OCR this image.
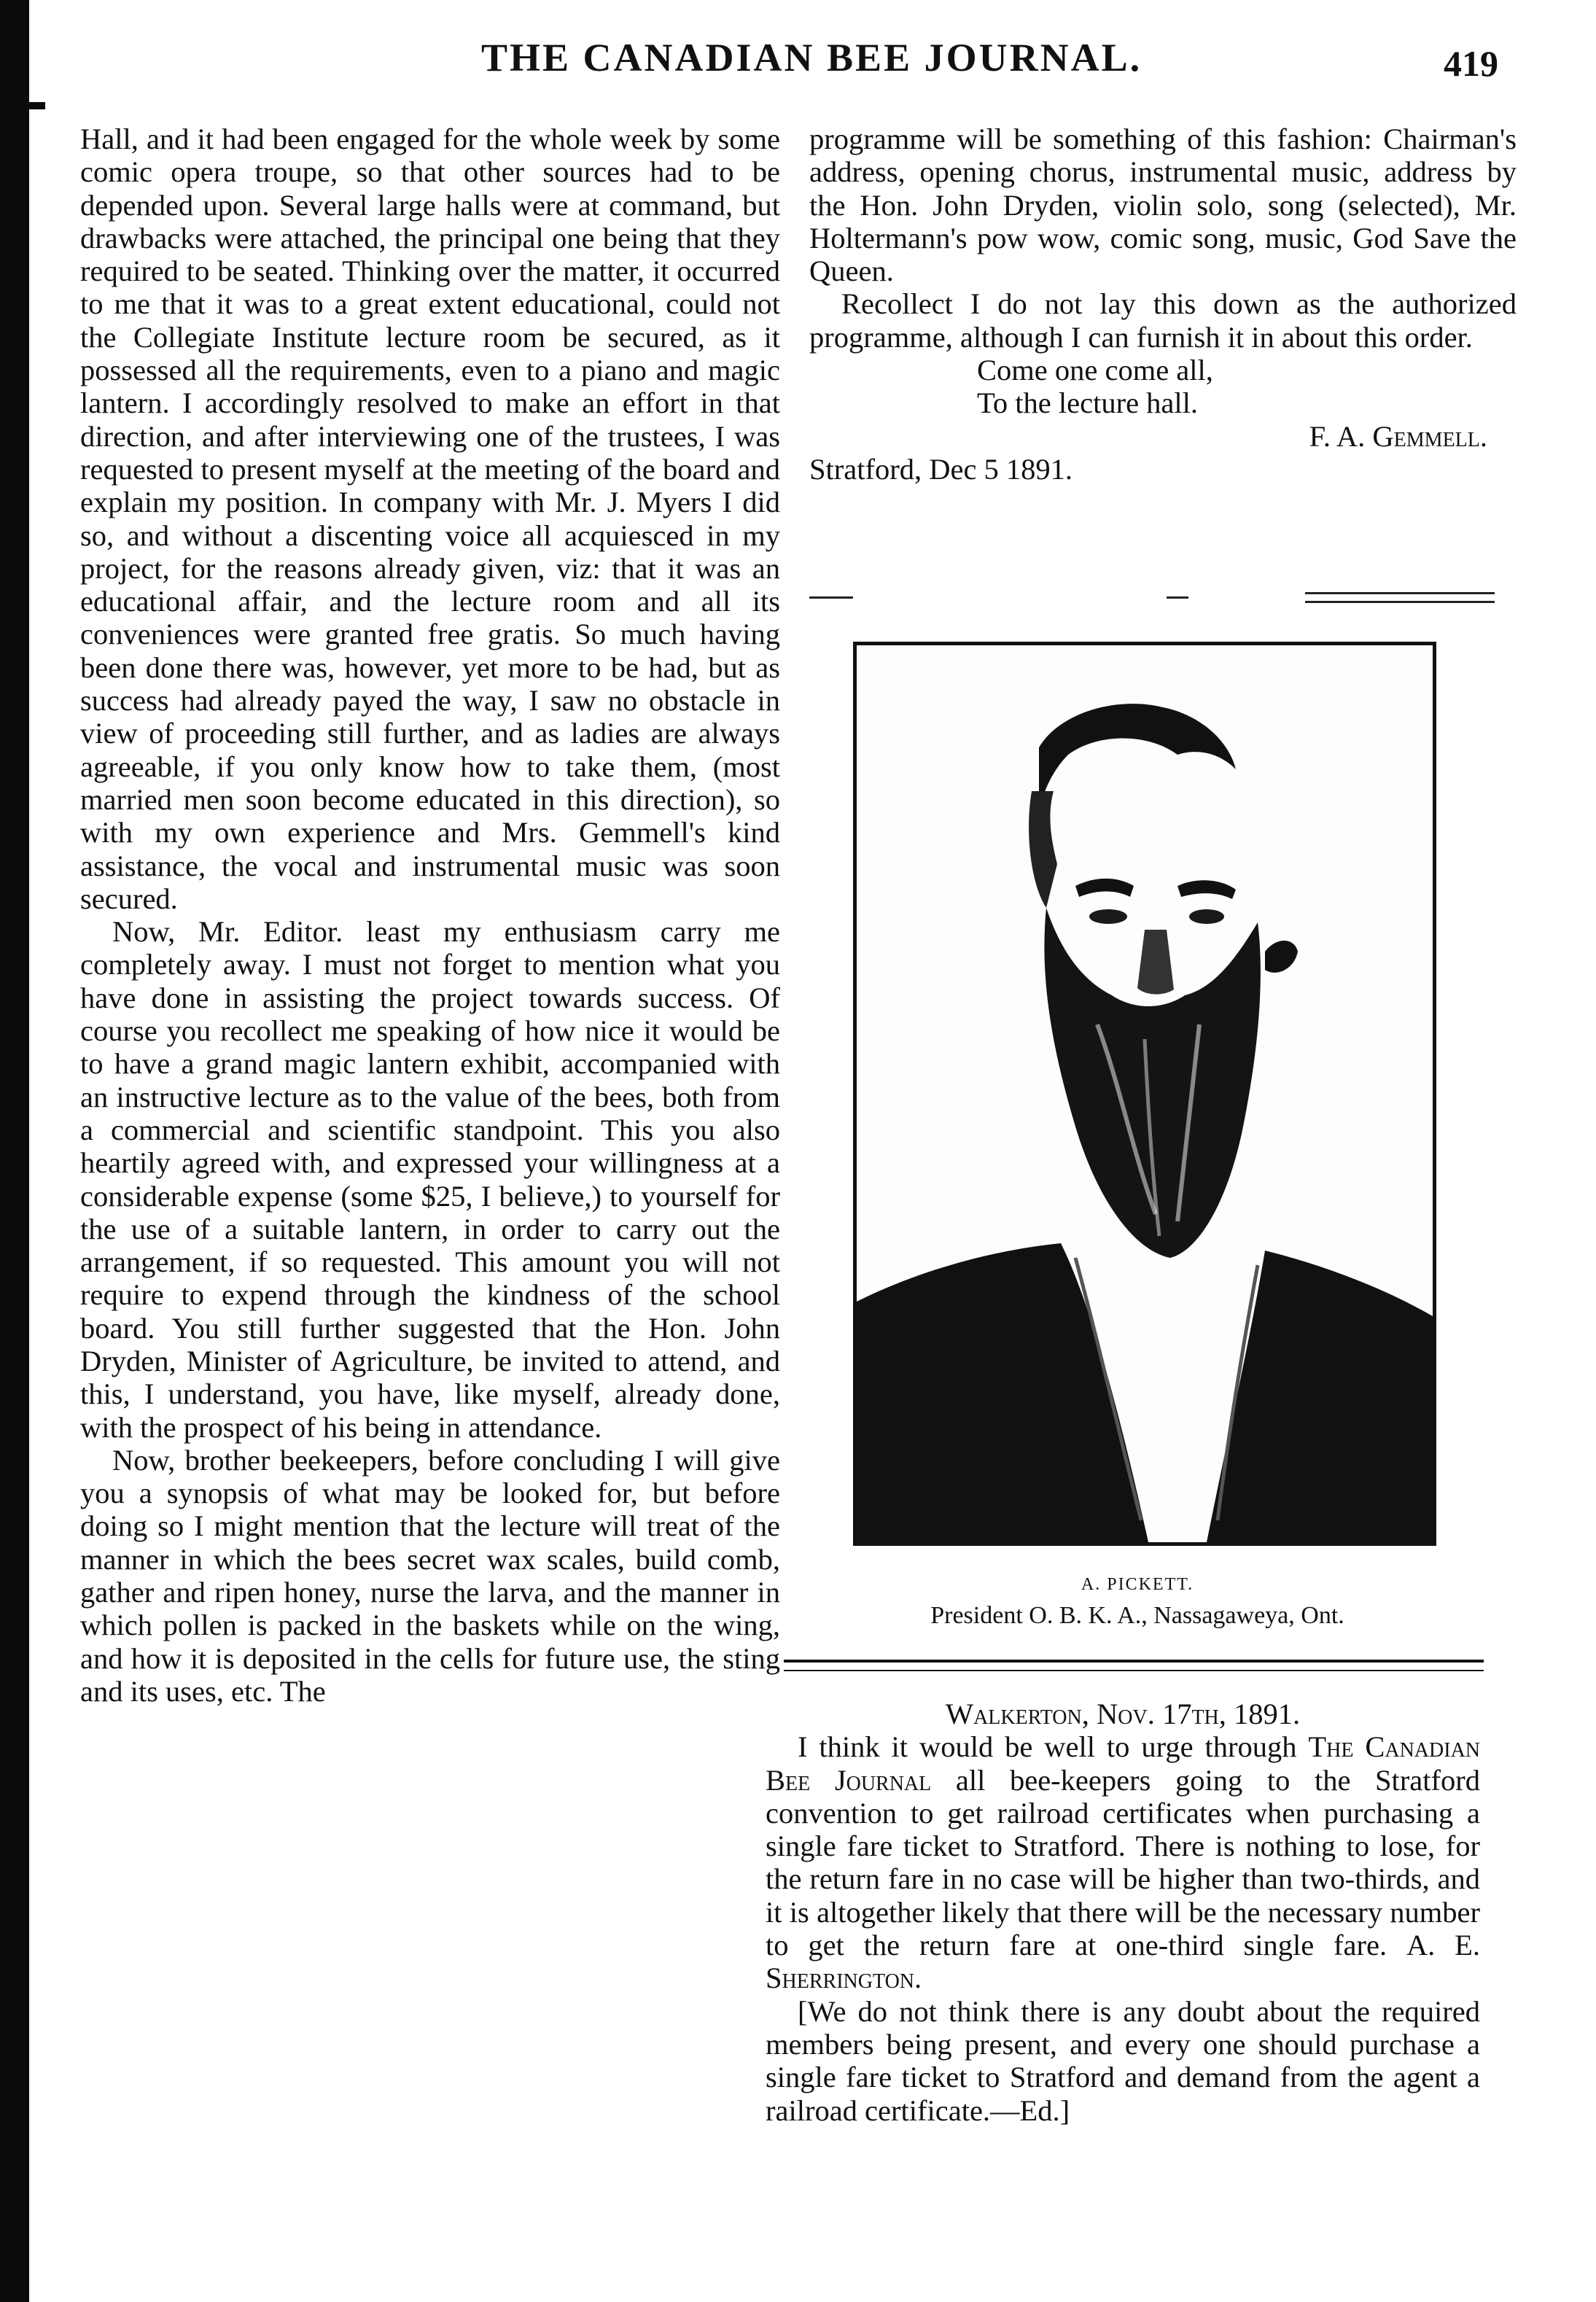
THE CANADIAN BEE JOURNAL.	419

Hall, and it had been engaged for the whole week by some comic opera troupe, so that other sources had to be depended upon. Several large halls were at command, but drawbacks were attached, the principal one being that they required to be seated. Thinking over the matter, it occurred to me that it was to a great extent educational, could not the Collegiate Institute lecture room be secured, as it possessed all the requirements, even to a piano and magic lantern. I accordingly resolved to make an effort in that direction, and after interviewing one of the trustees, I was requested to present myself at the meeting of the board and explain my position. In company with Mr. J. Myers I did so, and without a discenting voice all acquiesced in my project, for the reasons already given, viz: that it was an educational affair, and the lecture room and all its conveniences were granted free gratis. So much having been done there was, however, yet more to be had, but as success had already payed the way, I saw no obstacle in view of proceeding still further, and as ladies are always agreeable, if you only know how to take them, (most married men soon become educated in this direction), so with my own experience and Mrs. Gemmell's kind assistance, the vocal and instrumental music was soon secured.

Now, Mr. Editor. least my enthusiasm carry me completely away. I must not forget to mention what you have done in assisting the project towards success. Of course you recollect me speaking of how nice it would be to have a grand magic lantern exhibit, accompanied with an instructive lecture as to the value of the bees, both from a commercial and scientific standpoint. This you also heartily agreed with, and expressed your willingness at a considerable expense (some $25, I believe,) to yourself for the use of a suitable lantern, in order to carry out the arrangement, if so requested. This amount you will not require to expend through the kindness of the school board. You still further suggested that the Hon. John Dryden, Minister of Agriculture, be invited to attend, and this, I understand, you have, like myself, already done, with the prospect of his being in attendance.

Now, brother beekeepers, before concluding I will give you a synopsis of what may be looked for, but before doing so I might mention that the lecture will treat of the manner in which the bees secret wax scales, build comb, gather and ripen honey, nurse the larva, and the manner in which pollen is packed in the baskets while on the wing, and how it is deposited in the cells for future use, the sting and its uses, etc. The

programme will be something of this fashion: Chairman's address, opening chorus, instrumental music, address by the Hon. John Dryden, violin solo, song (selected), Mr. Holtermann's pow wow, comic song, music, God Save the Queen.

Recollect I do not lay this down as the authorized programme, although I can furnish it in about this order.

Come one come all,
To the lecture hall.
F. A. Gemmell.
Stratford, Dec 5 1891.
A. PICKETT.
President O. B. K. A., Nassagaweya, Ont.
Walkerton, Nov. 17th, 1891.

I think it would be well to urge through The Canadian Bee Journal all bee-keepers going to the Stratford convention to get railroad certificates when purchasing a single fare ticket to Stratford. There is nothing to lose, for the return fare in no case will be higher than two-thirds, and it is altogether likely that there will be the necessary number to get the return fare at one-third single fare. A. E. Sherrington.

[We do not think there is any doubt about the required members being present, and every one should purchase a single fare ticket to Stratford and demand from the agent a railroad certificate.—Ed.]
